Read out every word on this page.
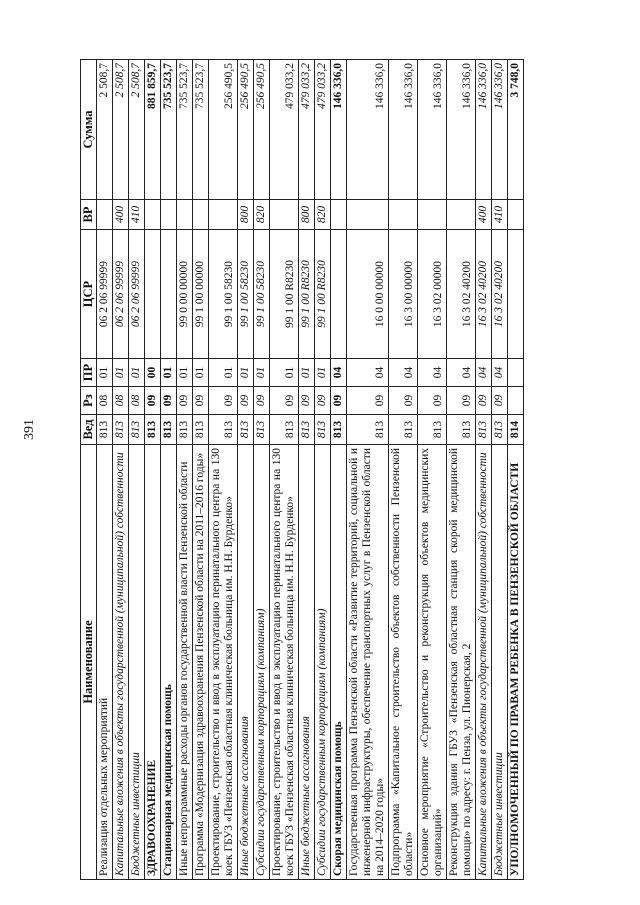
391
Наименование	Вед	Рз	ПР	ЦСР	ВР	Сумма
Реализация отдельных мероприятий	813	08	01	06 2 06 99999		2 508,7
Капитальные вложения в объекты государственной (муниципальной) собственности	813	08	01	06 2 06 99999	400	2 508,7
Бюджетные инвестиции	813	08	01	06 2 06 99999	410	2 508,7
ЗДРАВООХРАНЕНИЕ	813	09	00			881 859,7
Стационарная медицинская помощь	813	09	01			735 523,7
Иные непрограммные расходы органов государственной власти Пензенской области	813	09	01	99 0 00 00000		735 523,7
Программа «Модернизация здравоохранения Пензенской области на 2011–2016 годы»	813	09	01	99 1 00 00000		735 523,7
Проектирование, строительство и ввод в эксплуатацию перинатального центра на 130 коек ГБУЗ «Пензенская областная клиническая больница им. Н.Н. Бурденко»	813	09	01	99 1 00 58230		256 490,5
Иные бюджетные ассигнования	813	09	01	99 1 00 58230	800	256 490,5
Субсидии государственным корпорациям (компаниям)	813	09	01	99 1 00 58230	820	256 490,5
Проектирование, строительство и ввод в эксплуатацию перинатального центра на 130 коек ГБУЗ «Пензенская областная клиническая больница им. Н.Н. Бурденко»	813	09	01	99 1 00 R8230		479 033,2
Иные бюджетные ассигнования	813	09	01	99 1 00 R8230	800	479 033,2
Субсидии государственным корпорациям (компаниям)	813	09	01	99 1 00 R8230	820	479 033,2
Скорая медицинская помощь	813	09	04			146 336,0
Государственная программа Пензенской области «Развитие территорий, социальной и инженерной инфраструктуры, обеспечение транспортных услуг в Пензенской области на 2014–2020 годы»	813	09	04	16 0 00 00000		146 336,0
Подпрограмма «Капитальное строительство объектов собственности Пензенской области»	813	09	04	16 3 00 00000		146 336,0
Основное мероприятие «Строительство и реконструкция объектов медицинских организаций»	813	09	04	16 3 02 00000		146 336,0
Реконструкция здания ГБУЗ «Пензенская областная станция скорой медицинской помощи» по адресу: г. Пенза, ул. Пионерская, 2	813	09	04	16 3 02 40200		146 336,0
Капитальные вложения в объекты государственной (муниципальной) собственности	813	09	04	16 3 02 40200	400	146 336,0
Бюджетные инвестиции	813	09	04	16 3 02 40200	410	146 336,0
УПОЛНОМОЧЕННЫЙ ПО ПРАВАМ РЕБЕНКА В ПЕНЗЕНСКОЙ ОБЛАСТИ	814					3 748,0
